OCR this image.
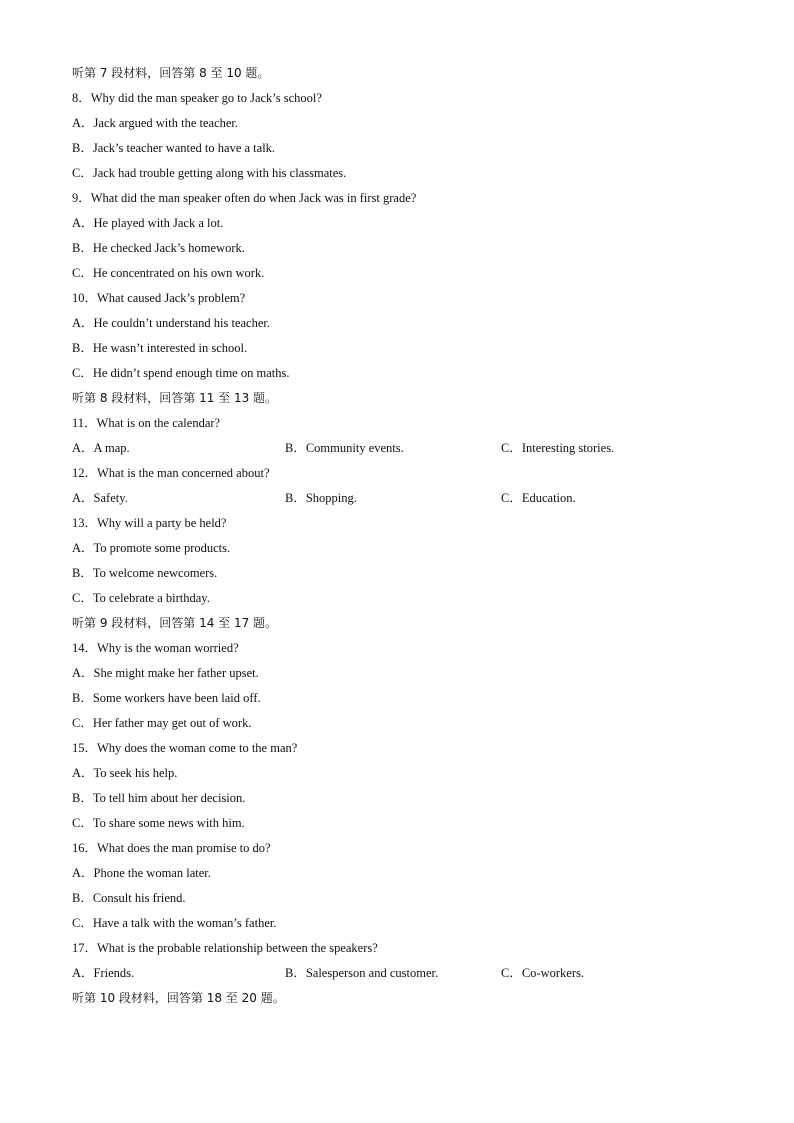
听第 7 段材料，回答第 8 至 10 题。
8．Why did the man speaker go to Jack’s school?
A．Jack argued with the teacher.
B．Jack’s teacher wanted to have a talk.
C．Jack had trouble getting along with his classmates.
9．What did the man speaker often do when Jack was in first grade?
A．He played with Jack a lot.
B．He checked Jack’s homework.
C．He concentrated on his own work.
10．What caused Jack’s problem?
A．He couldn’t understand his teacher.
B．He wasn’t interested in school.
C．He didn’t spend enough time on maths.
听第 8 段材料，回答第 11 至 13 题。
11．What is on the calendar?
A．A map.	B．Community events.	C．Interesting stories.
12．What is the man concerned about?
A．Safety.	B．Shopping.	C．Education.
13．Why will a party be held?
A．To promote some products.
B．To welcome newcomers.
C．To celebrate a birthday.
听第 9 段材料，回答第 14 至 17 题。
14．Why is the woman worried?
A．She might make her father upset.
B．Some workers have been laid off.
C．Her father may get out of work.
15．Why does the woman come to the man?
A．To seek his help.
B．To tell him about her decision.
C．To share some news with him.
16．What does the man promise to do?
A．Phone the woman later.
B．Consult his friend.
C．Have a talk with the woman’s father.
17．What is the probable relationship between the speakers?
A．Friends.	B．Salesperson and customer.	C．Co-workers.
听第 10 段材料，回答第 18 至 20 题。
